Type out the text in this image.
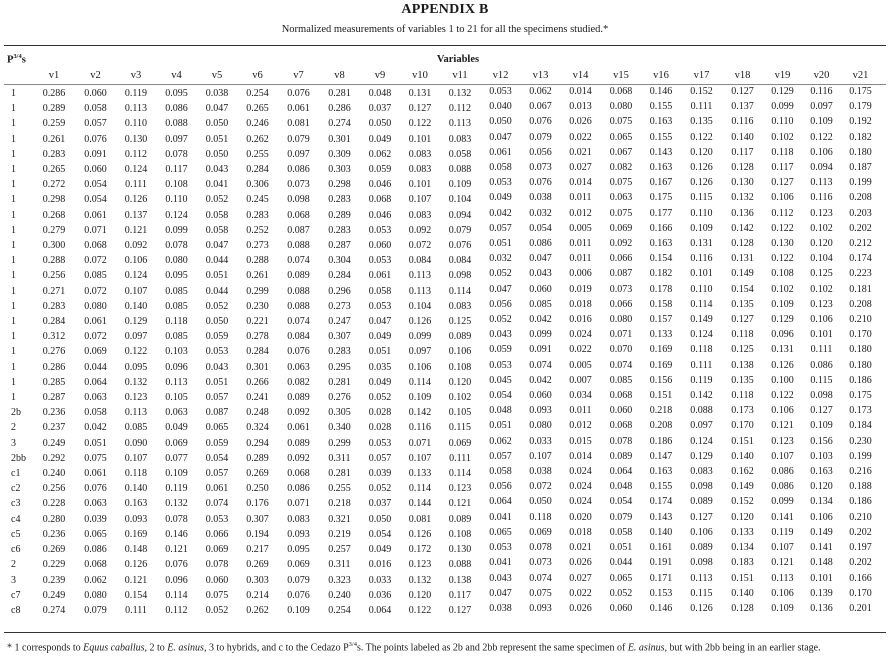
APPENDIX B
Normalized measurements of variables 1 to 21 for all the specimens studied.*
$P^{3/4}s$	Variables
	v1	v2	v3	v4	v5	v6	v7	v8	v9	v10	v11	v12	v13	v14	v15	v16	v17	v18	v19	v20	v21
1	0.286	0.060	0.119	0.095	0.038	0.254	0.076	0.281	0.048	0.131	0.132	0.053	0.062	0.014	0.068	0.146	0.152	0.127	0.129	0.116	0.175
1	0.289	0.058	0.113	0.086	0.047	0.265	0.061	0.286	0.037	0.127	0.112	0.040	0.067	0.013	0.080	0.155	0.111	0.137	0.099	0.097	0.179
1	0.259	0.057	0.110	0.088	0.050	0.246	0.081	0.274	0.050	0.122	0.113	0.050	0.076	0.026	0.075	0.163	0.135	0.116	0.110	0.109	0.192
1	0.261	0.076	0.130	0.097	0.051	0.262	0.079	0.301	0.049	0.101	0.083	0.047	0.079	0.022	0.065	0.155	0.122	0.140	0.102	0.122	0.182
1	0.283	0.091	0.112	0.078	0.050	0.255	0.097	0.309	0.062	0.083	0.058	0.061	0.056	0.021	0.067	0.143	0.120	0.117	0.118	0.106	0.180
1	0.265	0.060	0.124	0.117	0.043	0.284	0.086	0.303	0.059	0.083	0.088	0.058	0.073	0.027	0.082	0.163	0.126	0.128	0.117	0.094	0.187
1	0.272	0.054	0.111	0.108	0.041	0.306	0.073	0.298	0.046	0.101	0.109	0.053	0.076	0.014	0.075	0.167	0.126	0.130	0.127	0.113	0.199
1	0.298	0.054	0.126	0.110	0.052	0.245	0.098	0.283	0.068	0.107	0.104	0.049	0.038	0.011	0.063	0.175	0.115	0.132	0.106	0.116	0.208
1	0.268	0.061	0.137	0.124	0.058	0.283	0.068	0.289	0.046	0.083	0.094	0.042	0.032	0.012	0.075	0.177	0.110	0.136	0.112	0.123	0.203
1	0.279	0.071	0.121	0.099	0.058	0.252	0.087	0.283	0.053	0.092	0.079	0.057	0.054	0.005	0.069	0.166	0.109	0.142	0.122	0.102	0.202
1	0.300	0.068	0.092	0.078	0.047	0.273	0.088	0.287	0.060	0.072	0.076	0.051	0.086	0.011	0.092	0.163	0.131	0.128	0.130	0.120	0.212
1	0.288	0.072	0.106	0.080	0.044	0.288	0.074	0.304	0.053	0.084	0.084	0.032	0.047	0.011	0.066	0.154	0.116	0.131	0.122	0.104	0.174
1	0.256	0.085	0.124	0.095	0.051	0.261	0.089	0.284	0.061	0.113	0.098	0.052	0.043	0.006	0.087	0.182	0.101	0.149	0.108	0.125	0.223
1	0.271	0.072	0.107	0.085	0.044	0.299	0.088	0.296	0.058	0.113	0.114	0.047	0.060	0.019	0.073	0.178	0.110	0.154	0.102	0.102	0.181
1	0.283	0.080	0.140	0.085	0.052	0.230	0.088	0.273	0.053	0.104	0.083	0.056	0.085	0.018	0.066	0.158	0.114	0.135	0.109	0.123	0.208
1	0.284	0.061	0.129	0.118	0.050	0.221	0.074	0.247	0.047	0.126	0.125	0.052	0.042	0.016	0.080	0.157	0.149	0.127	0.129	0.106	0.210
1	0.312	0.072	0.097	0.085	0.059	0.278	0.084	0.307	0.049	0.099	0.089	0.043	0.099	0.024	0.071	0.133	0.124	0.118	0.096	0.101	0.170
1	0.276	0.069	0.122	0.103	0.053	0.284	0.076	0.283	0.051	0.097	0.106	0.059	0.091	0.022	0.070	0.169	0.118	0.125	0.131	0.111	0.180
1	0.286	0.044	0.095	0.096	0.043	0.301	0.063	0.295	0.035	0.106	0.108	0.053	0.074	0.005	0.074	0.169	0.111	0.138	0.126	0.086	0.180
1	0.285	0.064	0.132	0.113	0.051	0.266	0.082	0.281	0.049	0.114	0.120	0.045	0.042	0.007	0.085	0.156	0.119	0.135	0.100	0.115	0.186
1	0.287	0.063	0.123	0.105	0.057	0.241	0.089	0.276	0.052	0.109	0.102	0.054	0.060	0.034	0.068	0.151	0.142	0.118	0.122	0.098	0.175
2b	0.236	0.058	0.113	0.063	0.087	0.248	0.092	0.305	0.028	0.142	0.105	0.048	0.093	0.011	0.060	0.218	0.088	0.173	0.106	0.127	0.173
2	0.237	0.042	0.085	0.049	0.065	0.324	0.061	0.340	0.028	0.116	0.115	0.051	0.080	0.012	0.068	0.208	0.097	0.170	0.121	0.109	0.184
3	0.249	0.051	0.090	0.069	0.059	0.294	0.089	0.299	0.053	0.071	0.069	0.062	0.033	0.015	0.078	0.186	0.124	0.151	0.123	0.156	0.230
2bb	0.292	0.075	0.107	0.077	0.054	0.289	0.092	0.311	0.057	0.107	0.111	0.057	0.107	0.014	0.089	0.147	0.129	0.140	0.107	0.103	0.199
c1	0.240	0.061	0.118	0.109	0.057	0.269	0.068	0.281	0.039	0.133	0.114	0.058	0.038	0.024	0.064	0.163	0.083	0.162	0.086	0.163	0.216
c2	0.256	0.076	0.140	0.119	0.061	0.250	0.086	0.255	0.052	0.114	0.123	0.056	0.072	0.024	0.048	0.155	0.098	0.149	0.086	0.120	0.188
c3	0.228	0.063	0.163	0.132	0.074	0.176	0.071	0.218	0.037	0.144	0.121	0.064	0.050	0.024	0.054	0.174	0.089	0.152	0.099	0.134	0.186
c4	0.280	0.039	0.093	0.078	0.053	0.307	0.083	0.321	0.050	0.081	0.089	0.041	0.118	0.020	0.079	0.143	0.127	0.120	0.141	0.106	0.210
c5	0.236	0.065	0.169	0.146	0.066	0.194	0.093	0.219	0.054	0.126	0.108	0.065	0.069	0.018	0.058	0.140	0.106	0.133	0.119	0.149	0.202
c6	0.269	0.086	0.148	0.121	0.069	0.217	0.095	0.257	0.049	0.172	0.130	0.053	0.078	0.021	0.051	0.161	0.089	0.134	0.107	0.141	0.197
2	0.229	0.068	0.126	0.076	0.078	0.269	0.069	0.311	0.016	0.123	0.088	0.041	0.073	0.026	0.044	0.191	0.098	0.183	0.121	0.148	0.202
3	0.239	0.062	0.121	0.096	0.060	0.303	0.079	0.323	0.033	0.132	0.138	0.043	0.074	0.027	0.065	0.171	0.113	0.151	0.113	0.101	0.166
c7	0.249	0.080	0.154	0.114	0.075	0.214	0.076	0.240	0.036	0.120	0.117	0.047	0.075	0.022	0.052	0.153	0.115	0.140	0.106	0.139	0.170
c8	0.274	0.079	0.111	0.112	0.052	0.262	0.109	0.254	0.064	0.122	0.127	0.038	0.093	0.026	0.060	0.146	0.126	0.128	0.109	0.136	0.201
* 1 corresponds to Equus caballus, 2 to E. asinus, 3 to hybrids, and c to the Cedazo $P^{3/4}s$. The points labeled as 2b and 2bb represent the same specimen of E. asinus, but with 2bb being in an earlier stage.
